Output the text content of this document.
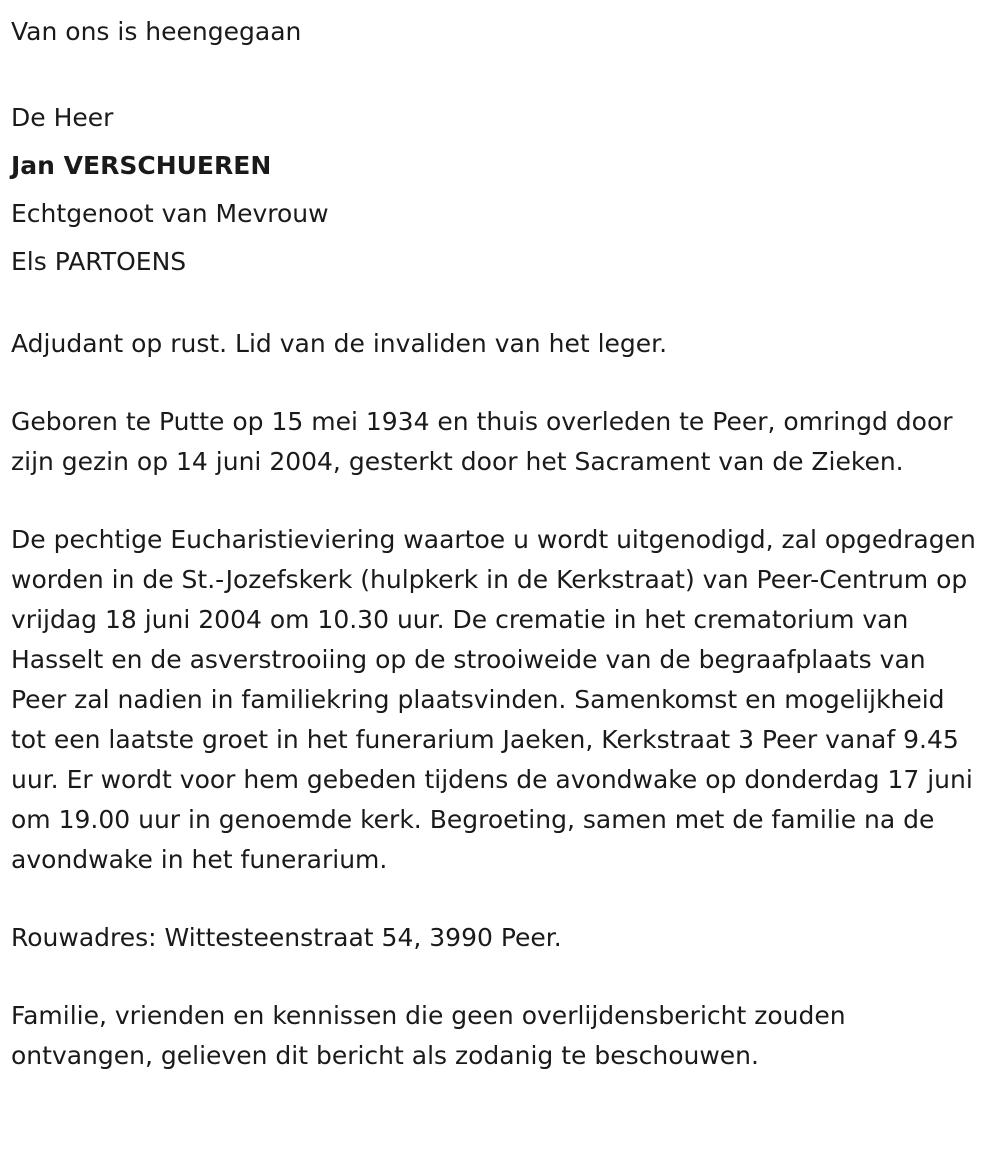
Van ons is heengegaan

De Heer

Jan VERSCHUEREN

Echtgenoot van Mevrouw

Els PARTOENS

Adjudant op rust. Lid van de invaliden van het leger.

Geboren te Putte op 15 mei 1934 en thuis overleden te Peer, omringd door zijn gezin op 14 juni 2004, gesterkt door het Sacrament van de Zieken.

De pechtige Eucharistieviering waartoe u wordt uitgenodigd, zal opgedragen worden in de St.-Jozefskerk (hulpkerk in de Kerkstraat) van Peer-Centrum op vrijdag 18 juni 2004 om 10.30 uur. De crematie in het crematorium van Hasselt en de asverstrooiing op de strooiweide van de begraafplaats van Peer zal nadien in familiekring plaatsvinden. Samenkomst en mogelijkheid tot een laatste groet in het funerarium Jaeken, Kerkstraat 3 Peer vanaf 9.45 uur. Er wordt voor hem gebeden tijdens de avondwake op donderdag 17 juni om 19.00 uur in genoemde kerk. Begroeting, samen met de familie na de avondwake in het funerarium.

Rouwadres: Wittesteenstraat 54, 3990 Peer.

Familie, vrienden en kennissen die geen overlijdensbericht zouden ontvangen, gelieven dit bericht als zodanig te beschouwen.
